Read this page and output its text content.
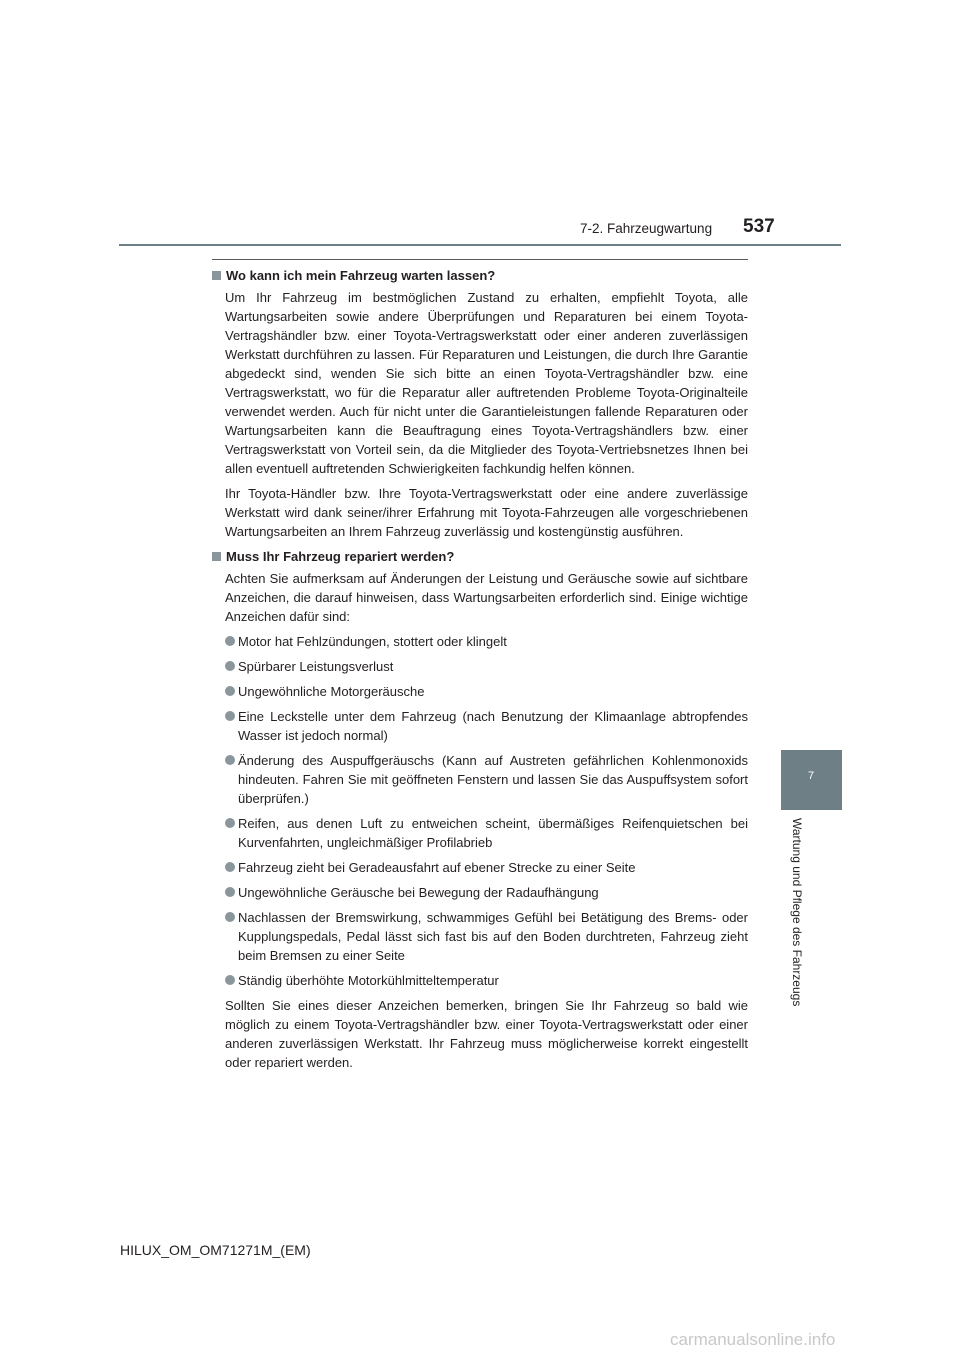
7-2. Fahrzeugwartung 537
7
Wartung und Pflege des Fahrzeugs
Wo kann ich mein Fahrzeug warten lassen?

Um Ihr Fahrzeug im bestmöglichen Zustand zu erhalten, empfiehlt Toyota, alle Wartungsarbeiten sowie andere Überprüfungen und Reparaturen bei einem Toyota-Vertragshändler bzw. einer Toyota-Vertragswerkstatt oder einer anderen zuverlässigen Werkstatt durchführen zu lassen. Für Reparaturen und Leistungen, die durch Ihre Garantie abgedeckt sind, wenden Sie sich bitte an einen Toyota-Vertragshändler bzw. eine Vertragswerkstatt, wo für die Reparatur aller auftretenden Probleme Toyota-Originalteile verwendet werden. Auch für nicht unter die Garantieleistungen fallende Reparaturen oder Wartungsarbeiten kann die Beauftragung eines Toyota-Vertragshändlers bzw. einer Vertragswerkstatt von Vorteil sein, da die Mitglieder des Toyota-Vertriebsnetzes Ihnen bei allen eventuell auftretenden Schwierigkeiten fachkundig helfen können.

Ihr Toyota-Händler bzw. Ihre Toyota-Vertragswerkstatt oder eine andere zuverlässige Werkstatt wird dank seiner/ihrer Erfahrung mit Toyota-Fahrzeugen alle vorgeschriebenen Wartungsarbeiten an Ihrem Fahrzeug zuverlässig und kostengünstig ausführen.

Muss Ihr Fahrzeug repariert werden?

Achten Sie aufmerksam auf Änderungen der Leistung und Geräusche sowie auf sichtbare Anzeichen, die darauf hinweisen, dass Wartungsarbeiten erforderlich sind. Einige wichtige Anzeichen dafür sind:

Motor hat Fehlzündungen, stottert oder klingelt
Spürbarer Leistungsverlust
Ungewöhnliche Motorgeräusche
Eine Leckstelle unter dem Fahrzeug (nach Benutzung der Klimaanlage abtropfendes Wasser ist jedoch normal)
Änderung des Auspuffgeräuschs (Kann auf Austreten gefährlichen Kohlenmonoxids hindeuten. Fahren Sie mit geöffneten Fenstern und lassen Sie das Auspuffsystem sofort überprüfen.)
Reifen, aus denen Luft zu entweichen scheint, übermäßiges Reifenquietschen bei Kurvenfahrten, ungleichmäßiger Profilabrieb
Fahrzeug zieht bei Geradeausfahrt auf ebener Strecke zu einer Seite
Ungewöhnliche Geräusche bei Bewegung der Radaufhängung
Nachlassen der Bremswirkung, schwammiges Gefühl bei Betätigung des Brems- oder Kupplungspedals, Pedal lässt sich fast bis auf den Boden durchtreten, Fahrzeug zieht beim Bremsen zu einer Seite
Ständig überhöhte Motorkühlmitteltemperatur

Sollten Sie eines dieser Anzeichen bemerken, bringen Sie Ihr Fahrzeug so bald wie möglich zu einem Toyota-Vertragshändler bzw. einer Toyota-Vertragswerkstatt oder einer anderen zuverlässigen Werkstatt. Ihr Fahrzeug muss möglicherweise korrekt eingestellt oder repariert werden.

HILUX_OM_OM71271M_(EM)
carmanualsonline.info
